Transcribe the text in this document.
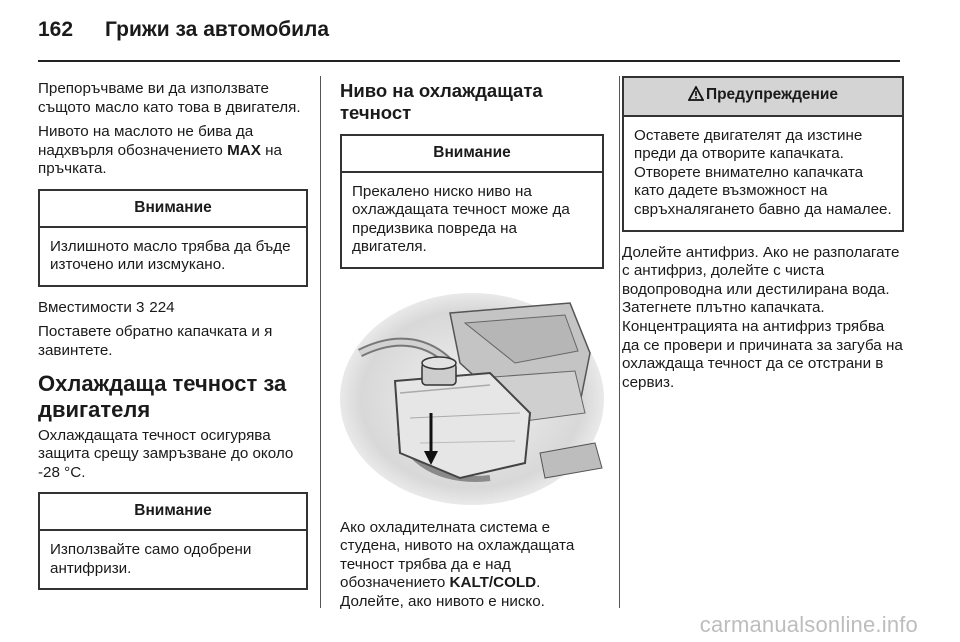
162 Грижи за автомобила

Препоръчваме ви да използвате същото масло като това в двигателя.

Нивото на маслото не бива да надхвърля обозначението MAX на пръчката.

Внимание
Излишното масло трябва да бъде източено или изсмукано.

Вместимости 3 224

Поставете обратно капачката и я завинтете.

Охлаждаща течност за двигателя

Охлаждащата течност осигурява защита срещу замръзване до около -28 °C.

Внимание
Използвайте само одобрени антифризи.
Ниво на охлаждащата течност
Внимание
Прекалено ниско ниво на охлаждащата течност може да предизвика повреда на двигателя.

Ако охладителната система е студена, нивото на охлаждащата течност трябва да е над обозначението KALT/COLD.
Долейте, ако нивото е ниско.

Предупреждение
Оставете двигателят да изстине преди да отворите капачката. Отворете внимателно капачката като дадете възможност на свръхналягането бавно да намалее.

Долейте антифриз. Ако не разполагате с антифриз, долейте с чиста водопроводна или дестилирана вода. Затегнете плътно капачката. Концентрацията на антифриз трябва да се провери и причината за загуба на охлаждаща течност да се отстрани в сервиз.

carmanualsonline.info
